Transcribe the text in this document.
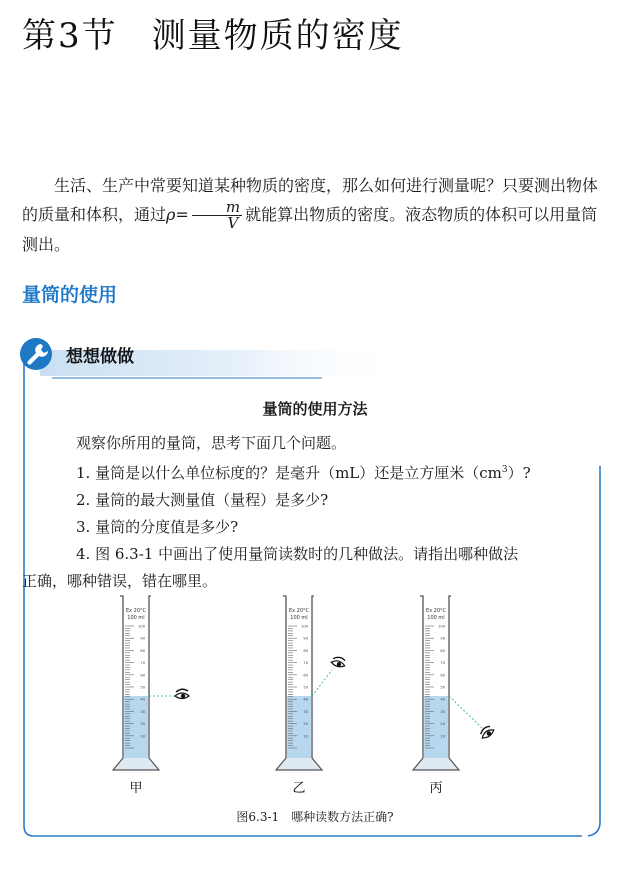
第3节 测量物质的密度

生活、生产中常要知道某种物质的密度，那么如何进行测量呢？只要测出物体的质量和体积，通过$\rho= \frac{m}{V}$ 就能算出物质的密度。液态物质的体积可以用量筒测出。

量筒的使用
想想做做
量筒的使用方法
观察你所用的量筒，思考下面几个问题。
1. 量筒是以什么单位标度的？是毫升（mL）还是立方厘米$(cm^3)$?
2. 量筒的最大测量值（量程）是多少?
3. 量筒的分度值是多少?
4. 图 6.3-1 中画出了使用量筒读数时的几种做法。请指出哪种做法
正确，哪种错误，错在哪里。
Ex 20°C
100 ml
100
90
80
70
60
50
40
30
20
10
Ex 20°C
100 ml
100
90
80
70
60
50
40
30
20
10
Ex 20°C
100 ml
100
90
80
70
60
50
40
30
20
10
甲	乙	丙
图6.3-1　哪种读数方法正确?
